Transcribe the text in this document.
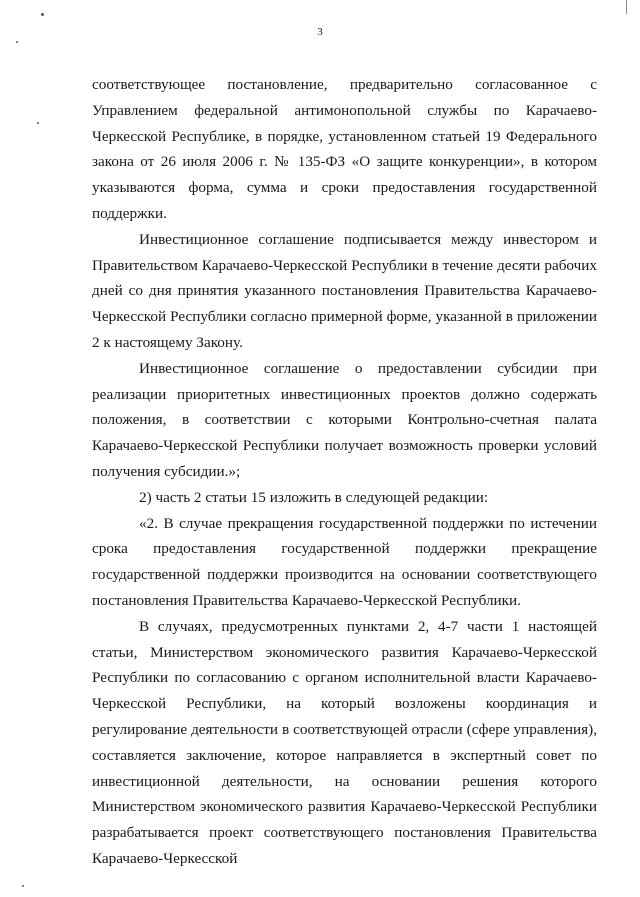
3

соответствующее постановление, предварительно согласованное с Управлением федеральной антимонопольной службы по Карачаево-Черкесской Республике, в порядке, установленном статьей 19 Федерального закона от 26 июля 2006 г. № 135-ФЗ «О защите конкуренции», в котором указываются форма, сумма и сроки предоставления государственной поддержки.

Инвестиционное соглашение подписывается между инвестором и Правительством Карачаево-Черкесской Республики в течение десяти рабочих дней со дня принятия указанного постановления Правительства Карачаево-Черкесской Республики согласно примерной форме, указанной в приложении 2 к настоящему Закону.

Инвестиционное соглашение о предоставлении субсидии при реализации приоритетных инвестиционных проектов должно содержать положения, в соответствии с которыми Контрольно-счетная палата Карачаево-Черкесской Республики получает возможность проверки условий получения субсидии.»;

2) часть 2 статьи 15 изложить в следующей редакции:

«2. В случае прекращения государственной поддержки по истечении срока предоставления государственной поддержки прекращение государственной поддержки производится на основании соответствующего постановления Правительства Карачаево-Черкесской Республики.

В случаях, предусмотренных пунктами 2, 4-7 части 1 настоящей статьи, Министерством экономического развития Карачаево-Черкесской Республики по согласованию с органом исполнительной власти Карачаево-Черкесской Республики, на который возложены координация и регулирование деятельности в соответствующей отрасли (сфере управления), составляется заключение, которое направляется в экспертный совет по инвестиционной деятельности, на основании решения которого Министерством экономического развития Карачаево-Черкесской Республики разрабатывается проект соответствующего постановления Правительства Карачаево-Черкесской
